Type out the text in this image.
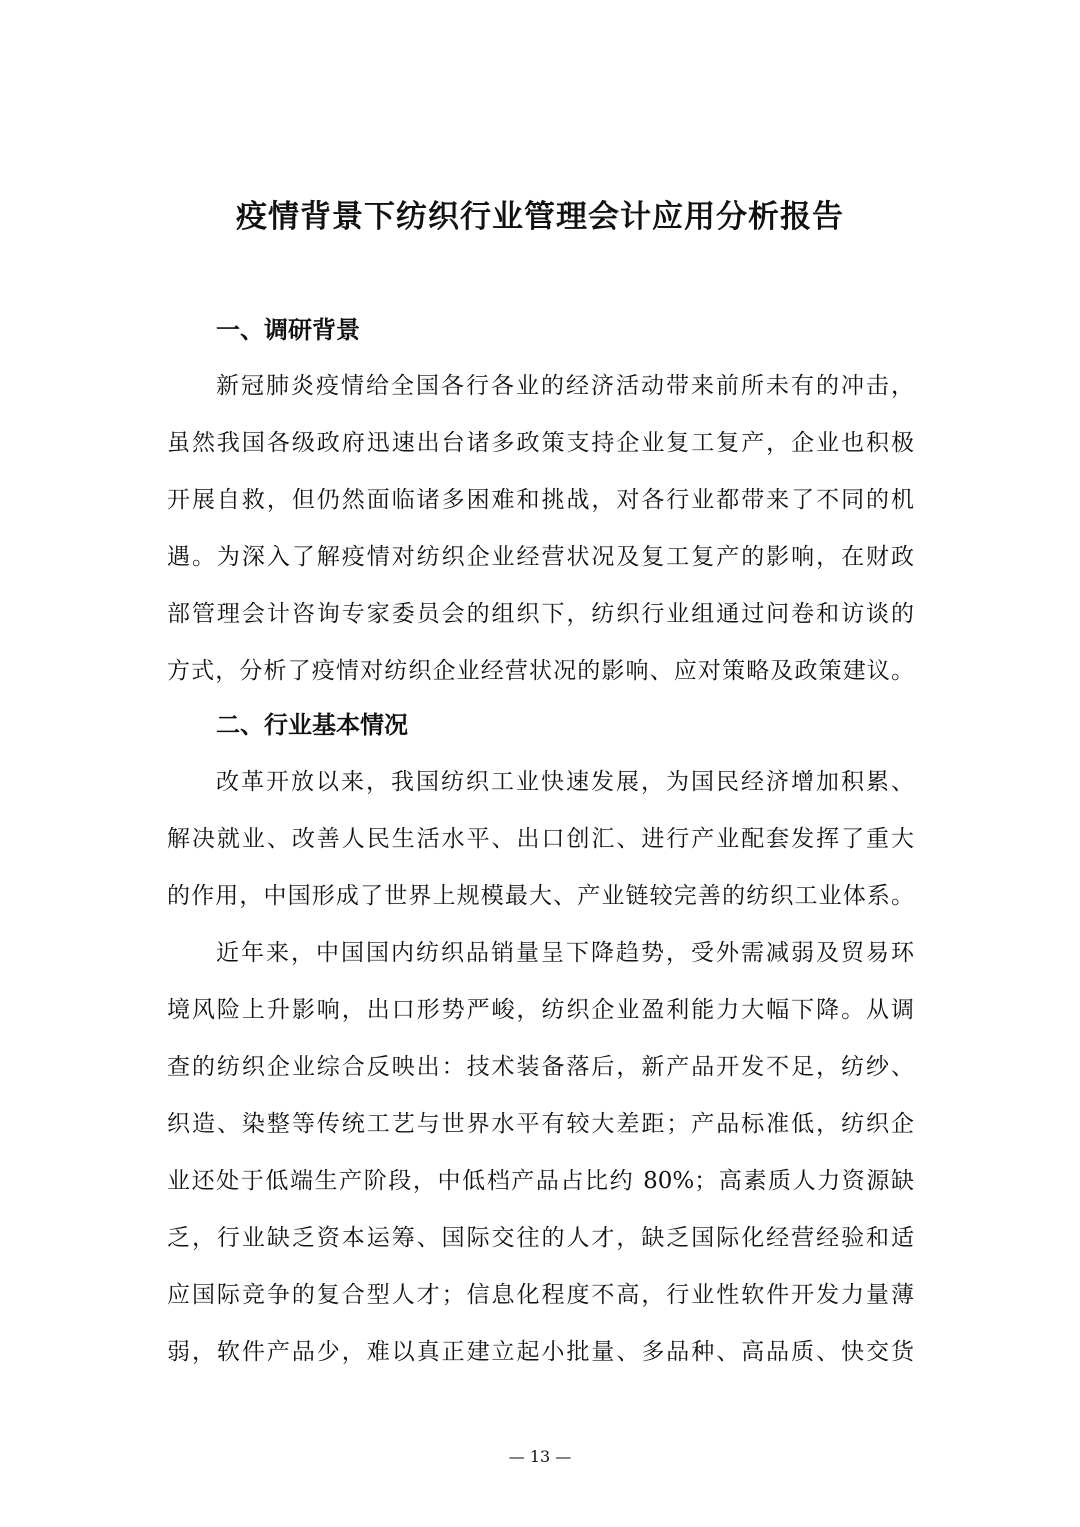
疫情背景下纺织行业管理会计应用分析报告
一、调研背景

新冠肺炎疫情给全国各行各业的经济活动带来前所未有的冲击，

虽然我国各级政府迅速出台诸多政策支持企业复工复产，企业也积极

开展自救，但仍然面临诸多困难和挑战，对各行业都带来了不同的机

遇。为深入了解疫情对纺织企业经营状况及复工复产的影响，在财政

部管理会计咨询专家委员会的组织下，纺织行业组通过问卷和访谈的

方式，分析了疫情对纺织企业经营状况的影响、应对策略及政策建议。

二、行业基本情况

改革开放以来，我国纺织工业快速发展，为国民经济增加积累、

解决就业、改善人民生活水平、出口创汇、进行产业配套发挥了重大

的作用，中国形成了世界上规模最大、产业链较完善的纺织工业体系。

近年来，中国国内纺织品销量呈下降趋势，受外需减弱及贸易环

境风险上升影响，出口形势严峻，纺织企业盈利能力大幅下降。从调

查的纺织企业综合反映出：技术装备落后，新产品开发不足，纺纱、

织造、染整等传统工艺与世界水平有较大差距；产品标准低，纺织企

业还处于低端生产阶段，中低档产品占比约 80%；高素质人力资源缺

乏，行业缺乏资本运筹、国际交往的人才，缺乏国际化经营经验和适

应国际竞争的复合型人才；信息化程度不高，行业性软件开发力量薄

弱，软件产品少，难以真正建立起小批量、多品种、高品质、快交货

— 13 —
